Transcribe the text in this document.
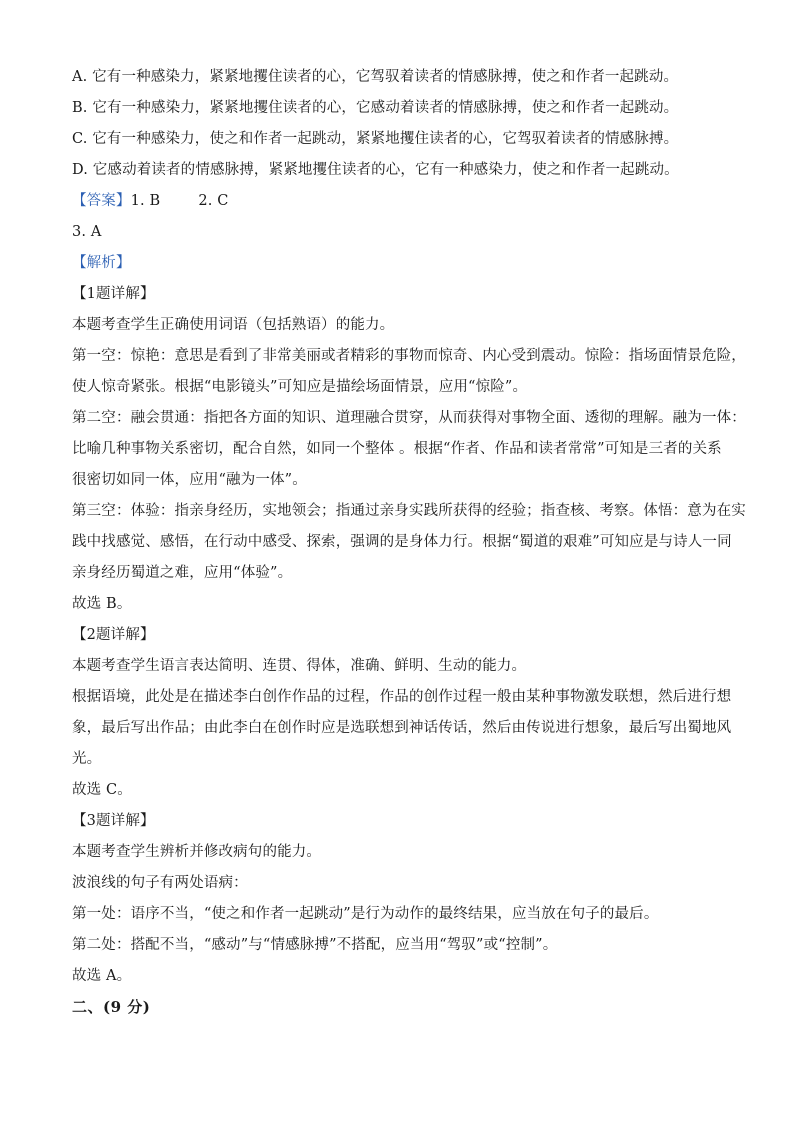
A. 它有一种感染力，紧紧地攫住读者的心，它驾驭着读者的情感脉搏，使之和作者一起跳动。
B. 它有一种感染力，紧紧地攫住读者的心，它感动着读者的情感脉搏，使之和作者一起跳动。
C. 它有一种感染力，使之和作者一起跳动，紧紧地攫住读者的心，它驾驭着读者的情感脉搏。
D. 它感动着读者的情感脉搏，紧紧地攫住读者的心，它有一种感染力，使之和作者一起跳动。
【答案】1. B        2. C
3. A
【解析】
【1题详解】
本题考查学生正确使用词语（包括熟语）的能力。
第一空：惊艳：意思是看到了非常美丽或者精彩的事物而惊奇、内心受到震动。惊险：指场面情景危险，
使人惊奇紧张。根据“电影镜头”可知应是描绘场面情景，应用“惊险”。
第二空：融会贯通：指把各方面的知识、道理融合贯穿，从而获得对事物全面、透彻的理解。融为一体：
比喻几种事物关系密切，配合自然，如同一个整体 。根据“作者、作品和读者常常”可知是三者的关系
很密切如同一体，应用“融为一体”。
第三空：体验：指亲身经历，实地领会；指通过亲身实践所获得的经验；指查核、考察。体悟：意为在实
践中找感觉、感悟，在行动中感受、探索，强调的是身体力行。根据“蜀道的艰难”可知应是与诗人一同
亲身经历蜀道之难，应用“体验”。
故选 B。
【2题详解】
本题考查学生语言表达简明、连贯、得体，准确、鲜明、生动的能力。
根据语境，此处是在描述李白创作作品的过程，作品的创作过程一般由某种事物激发联想，然后进行想
象，最后写出作品；由此李白在创作时应是选联想到神话传话，然后由传说进行想象，最后写出蜀地风
光。
故选 C。
【3题详解】
本题考查学生辨析并修改病句的能力。
波浪线的句子有两处语病：
第一处：语序不当，“使之和作者一起跳动”是行为动作的最终结果，应当放在句子的最后。
第二处：搭配不当，“感动”与“情感脉搏”不搭配，应当用“驾驭”或“控制”。
故选 A。
二、(9 分)
